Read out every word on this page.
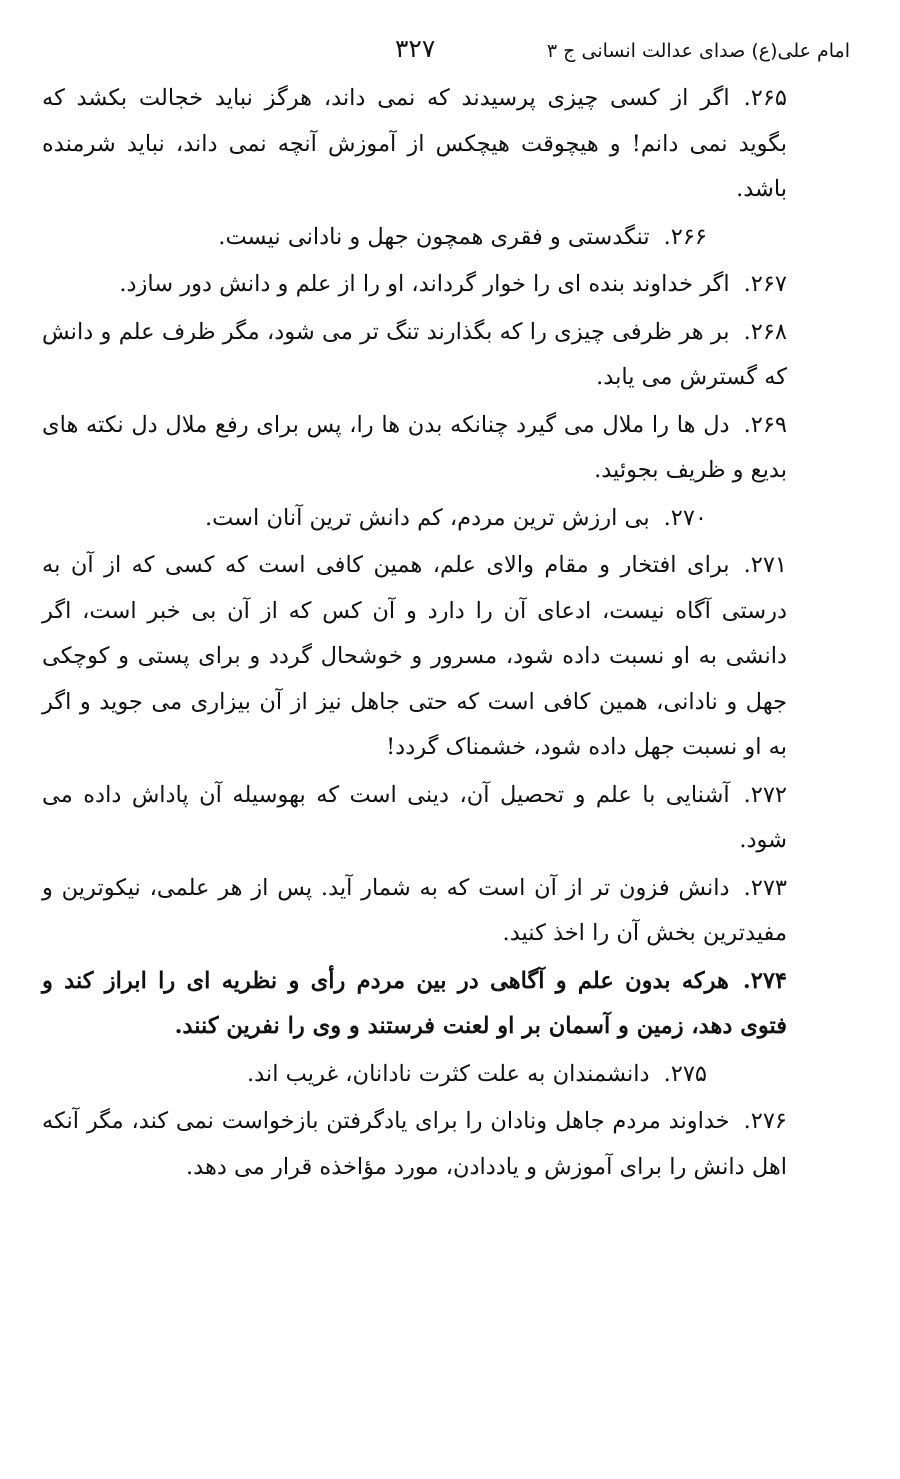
امام علی(ع) صدای عدالت انسانی ج ۳
۳۲۷

۲۶۵.اگر از کسی چیزی پرسیدند که نمی داند، هرگز نباید خجالت بکشد که بگوید نمی دانم! و هیچوقت هیچکس از آموزش آنچه نمی داند، نباید شرمنده باشد.

۲۶۶.تنگدستی و فقری همچون جهل و نادانی نیست.

۲۶۷.اگر خداوند بنده ای را خوار گرداند، او را از علم و دانش دور سازد.

۲۶۸.بر هر ظرفی چیزی را که بگذارند تنگ تر می شود، مگر ظرف علم و دانش که گسترش می یابد.

۲۶۹.دل ها را ملال می گیرد چنانکه بدن ها را، پس برای رفع ملال دل نکته های بدیع و ظریف بجوئید.

۲۷۰.بی ارزش ترین مردم، کم دانش ترین آنان است.

۲۷۱.برای افتخار و مقام والای علم، همین کافی است که کسی که از آن به درستی آگاه نیست، ادعای آن را دارد و آن کس که از آن بی خبر است، اگر دانشی به او نسبت داده شود، مسرور و خوشحال گردد و برای پستی و کوچکی جهل و نادانی، همین کافی است که حتی جاهل نیز از آن بیزاری می جوید و اگر به او نسبت جهل داده شود، خشمناک گردد!

۲۷۲.آشنایی با علم و تحصیل آن، دینی است که بهوسیله آن پاداش داده می شود.

۲۷۳.دانش فزون تر از آن است که به شمار آید. پس از هر علمی، نیکوترین و مفیدترین بخش آن را اخذ کنید.

۲۷۴.هرکه بدون علم و آگاهی در بین مردم رأی و نظریه ای را ابراز کند و فتوی دهد، زمین و آسمان بر او لعنت فرستند و وی را نفرین کنند.

۲۷۵.دانشمندان به علت کثرت نادانان، غریب اند.

۲۷۶.خداوند مردم جاهل ونادان را برای یادگرفتن بازخواست نمی کند، مگر آنکه اهل دانش را برای آموزش و یاددادن، مورد مؤاخذه قرار می دهد.
